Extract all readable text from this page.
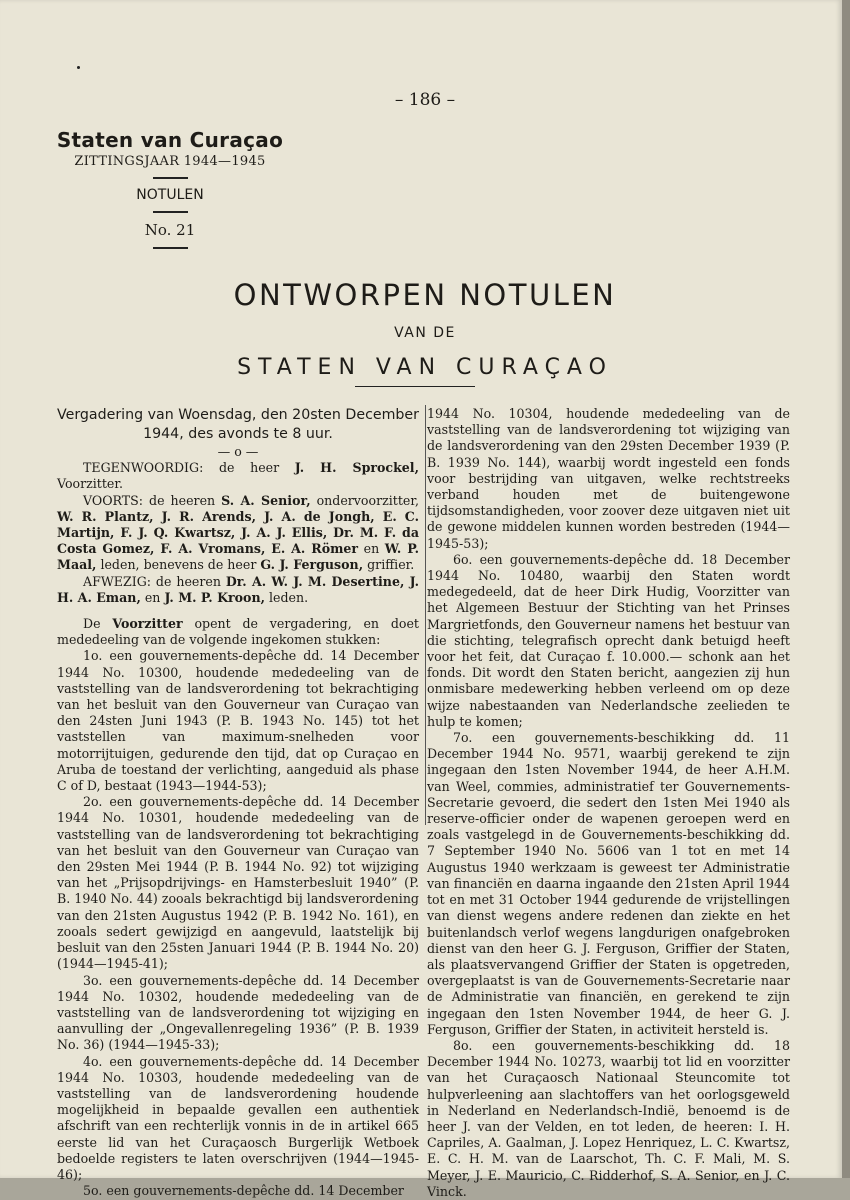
– 186 –
Staten van Curaçao
ZITTINGSJAAR 1944—1945
NOTULEN
No. 21
ONTWORPEN NOTULEN
VAN DE
STATEN VAN CURAÇAO

Vergadering van Woensdag, den 20sten December

1944, des avonds te 8 uur.

— o —

TEGENWOORDIG: de heer J. H. Sprockel, Voorzitter.

VOORTS: de heeren S. A. Senior, ondervoorzitter, W. R. Plantz, J. R. Arends, J. A. de Jongh, E. C. Martijn, F. J. Q. Kwartsz, J. A. J. Ellis, Dr. M. F. da Costa Gomez, F. A. Vromans, E. A. Römer en W. P. Maal, leden, benevens de heer G. J. Ferguson, griffier.

AFWEZIG: de heeren Dr. A. W. J. M. Desertine, J. H. A. Eman, en J. M. P. Kroon, leden.

De Voorzitter opent de vergadering, en doet mededeeling van de volgende ingekomen stukken:

1o. een gouvernements-depêche dd. 14 December 1944 No. 10300, houdende mededeeling van de vaststelling van de landsverordening tot bekrachtiging van het besluit van den Gouverneur van Curaçao van den 24sten Juni 1943 (P. B. 1943 No. 145) tot het vaststellen van maximum-snelheden voor motorrijtuigen, gedurende den tijd, dat op Curaçao en Aruba de toestand der verlichting, aangeduid als phase C of D, bestaat (1943—1944-53);

2o. een gouvernements-depêche dd. 14 December 1944 No. 10301, houdende mededeeling van de vaststelling van de landsverordening tot bekrachtiging van het besluit van den Gouverneur van Curaçao van den 29sten Mei 1944 (P. B. 1944 No. 92) tot wijziging van het „Prijsopdrijvings- en Hamsterbesluit 1940” (P. B. 1940 No. 44) zooals bekrachtigd bij landsverordening van den 21sten Augustus 1942 (P. B. 1942 No. 161), en zooals sedert gewijzigd en aangevuld, laatstelijk bij besluit van den 25sten Januari 1944 (P. B. 1944 No. 20) (1944—1945-41);

3o. een gouvernements-depêche dd. 14 December 1944 No. 10302, houdende mededeeling van de vaststelling van de landsverordening tot wijziging en aanvulling der „Ongevallenregeling 1936” (P. B. 1939 No. 36) (1944—1945-33);

4o. een gouvernements-depêche dd. 14 December 1944 No. 10303, houdende mededeeling van de vaststelling van de landsverordening houdende mogelijkheid in bepaalde gevallen een authentiek afschrift van een rechterlijk vonnis in de in artikel 665 eerste lid van het Curaçaosch Burgerlijk Wetboek bedoelde registers te laten overschrijven (1944—1945-46);

5o. een gouvernements-depêche dd. 14 December

1944 No. 10304, houdende mededeeling van de vaststelling van de landsverordening tot wijziging van de landsverordening van den 29sten December 1939 (P. B. 1939 No. 144), waarbij wordt ingesteld een fonds voor bestrijding van uitgaven, welke rechtstreeks verband houden met de buitengewone tijdsomstandigheden, voor zoover deze uitgaven niet uit de gewone middelen kunnen worden bestreden (1944—1945-53);

6o. een gouvernements-depêche dd. 18 December 1944 No. 10480, waarbij den Staten wordt medegedeeld, dat de heer Dirk Hudig, Voorzitter van het Algemeen Bestuur der Stichting van het Prinses Margrietfonds, den Gouverneur namens het bestuur van die stichting, telegrafisch oprecht dank betuigd heeft voor het feit, dat Curaçao f. 10.000.— schonk aan het fonds. Dit wordt den Staten bericht, aangezien zij hun onmisbare medewerking hebben verleend om op deze wijze nabestaanden van Nederlandsche zeelieden te hulp te komen;

7o. een gouvernements-beschikking dd. 11 December 1944 No. 9571, waarbij gerekend te zijn ingegaan den 1sten November 1944, de heer A.H.M. van Weel, commies, administratief ter Gouvernements-Secretarie gevoerd, die sedert den 1sten Mei 1940 als reserve-officier onder de wapenen geroepen werd en zoals vastgelegd in de Gouvernements-beschikking dd. 7 September 1940 No. 5606 van 1 tot en met 14 Augustus 1940 werkzaam is geweest ter Administratie van financiën en daarna ingaande den 21sten April 1944 tot en met 31 October 1944 gedurende de vrijstellingen van dienst wegens andere redenen dan ziekte en het buitenlandsch verlof wegens langdurigen onafgebroken dienst van den heer G. J. Ferguson, Griffier der Staten, als plaatsvervangend Griffier der Staten is opgetreden, overgeplaatst is van de Gouvernements-Secretarie naar de Administratie van financiën, en gerekend te zijn ingegaan den 1sten November 1944, de heer G. J. Ferguson, Griffier der Staten, in activiteit hersteld is.

8o. een gouvernements-beschikking dd. 18 December 1944 No. 10273, waarbij tot lid en voorzitter van het Curaçaosch Nationaal Steuncomite tot hulpverleening aan slachtoffers van het oorlogsgeweld in Nederland en Nederlandsch-Indië, benoemd is de heer J. van der Velden, en tot leden, de heeren: I. H. Capriles, A. Gaalman, J. Lopez Henriquez, L. C. Kwartsz, E. C. H. M. van de Laarschot, Th. C. F. Mali, M. S. Meyer, J. E. Mauricio, C. Ridderhof, S. A. Senior, en J. C. Vinck.
